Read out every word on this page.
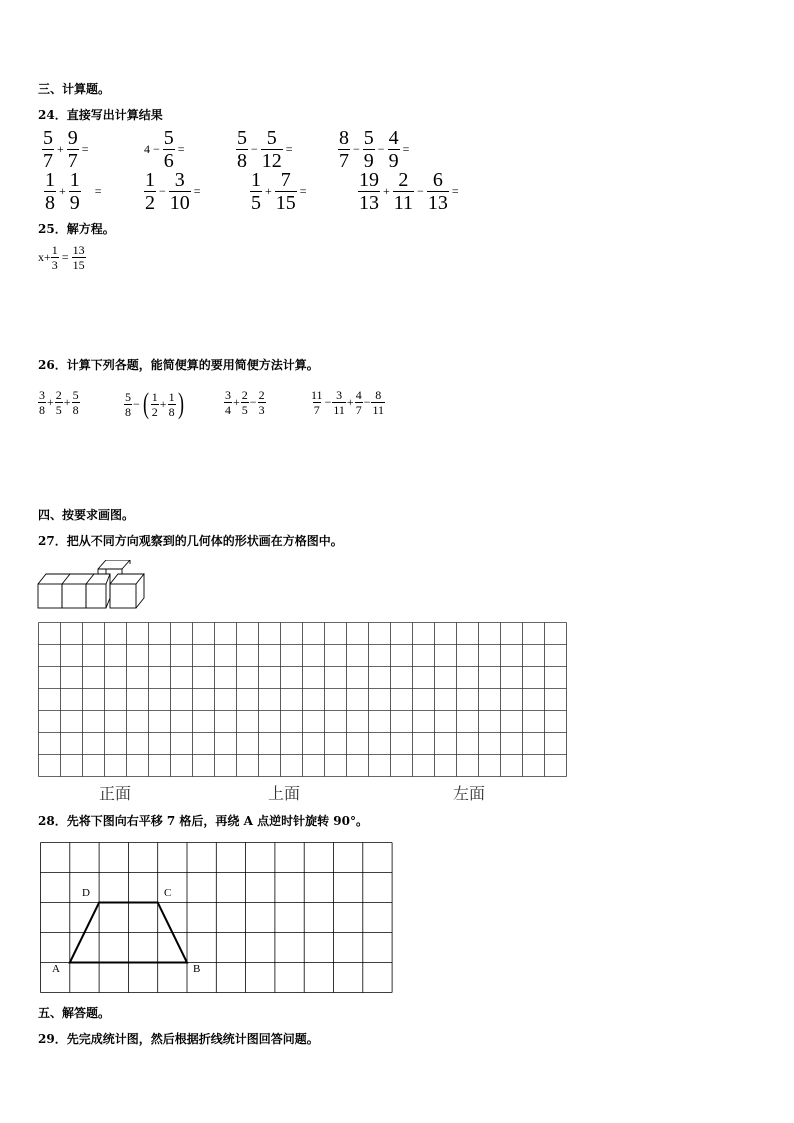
三、计算题。
24．直接写出计算结果
$\frac{5}{7} + \frac{9}{7}$ =	$4 - \frac{5}{6}$ =	$\frac{5}{8} - \frac{5}{12} = \frac{8}{7} - \frac{5}{9} - \frac{4}{9}$ =
$\frac{1}{8} + \frac{1}{9}$	= $\frac{1}{2} - \frac{3}{10} = \frac{1}{5} + \frac{7}{15}$ =	$\frac{19}{13} + \frac{2}{11} - \frac{6}{13}$ =
25．解方程。
$x + \frac{1}{3} = \frac{13}{15}$
26．计算下列各题，能简便算的要用简便方法计算。
$\frac{3}{8} + \frac{2}{5} + \frac{5}{8}$	$\frac{5}{8}$ − ( $\frac{1}{2} + \frac{1}{8}$ )	$\frac{3}{4} + \frac{2}{5} - \frac{2}{3}$	$\frac{11}{7} - \frac{3}{11} + \frac{4}{7} - \frac{8}{11}$
四、按要求画图。
27．把从不同方向观察到的几何体的形状画在方格图中。
正面	上面	左面
28．先将下图向右平移 7 格后，再绕 A 点逆时针旋转 90°。
D	C
A	B
五、解答题。
29．先完成统计图，然后根据折线统计图回答问题。
